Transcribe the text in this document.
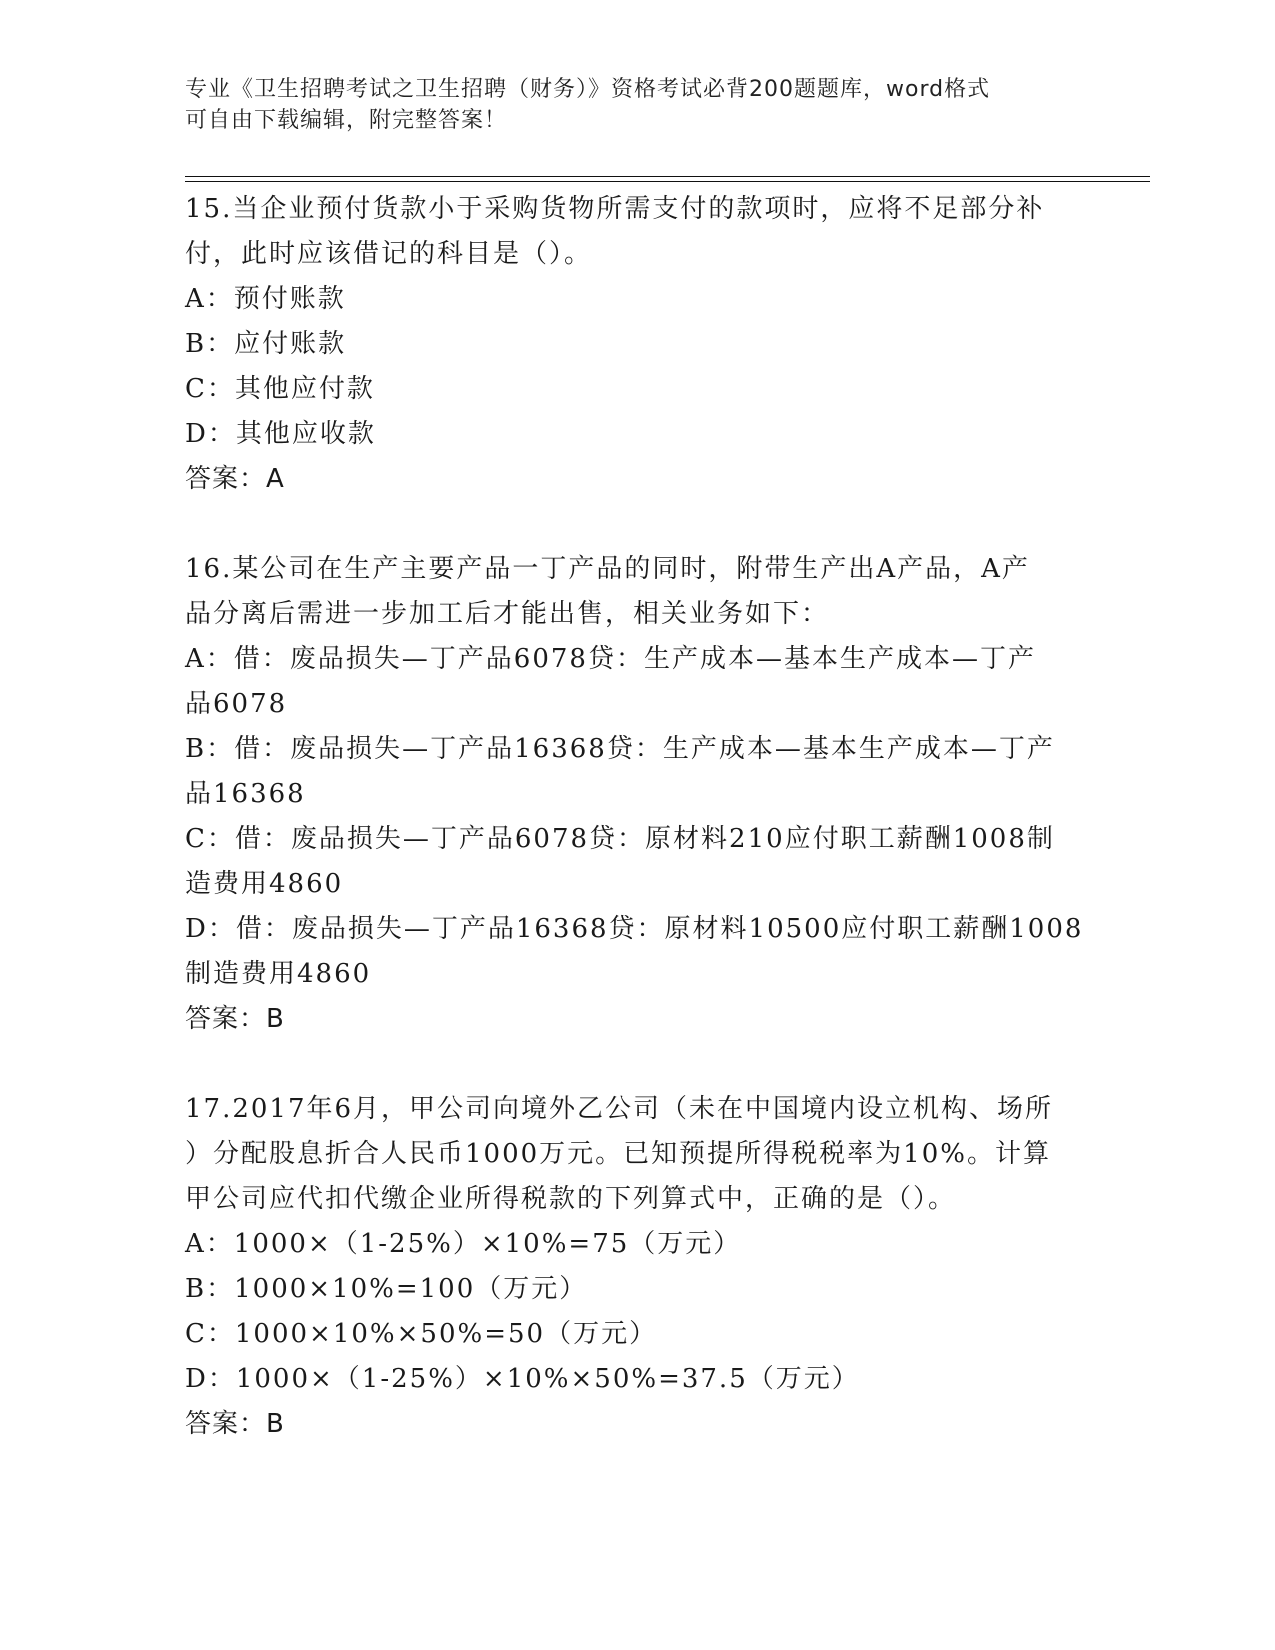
专业《卫生招聘考试之卫生招聘（财务）》资格考试必背200题题库，word格式
可自由下载编辑，附完整答案！
15.当企业预付货款小于采购货物所需支付的款项时，应将不足部分补
付，此时应该借记的科目是（）。
A：预付账款
B：应付账款
C：其他应付款
D：其他应收款
答案：A
16.某公司在生产主要产品一丁产品的同时，附带生产出A产品，A产
品分离后需进一步加工后才能出售，相关业务如下：
A：借：废品损失—丁产品6078贷：生产成本—基本生产成本—丁产
品6078
B：借：废品损失—丁产品16368贷：生产成本—基本生产成本—丁产
品16368
C：借：废品损失—丁产品6078贷：原材料210应付职工薪酬1008制
造费用4860
D：借：废品损失—丁产品16368贷：原材料10500应付职工薪酬1008
制造费用4860
答案：B
17.2017年6月，甲公司向境外乙公司（未在中国境内设立机构、场所
）分配股息折合人民币1000万元。已知预提所得税税率为10%。计算
甲公司应代扣代缴企业所得税款的下列算式中，正确的是（）。
A：1000×（1-25%）×10%=75（万元）
B：1000×10%=100（万元）
C：1000×10%×50%=50（万元）
D：1000×（1-25%）×10%×50%=37.5（万元）
答案：B
